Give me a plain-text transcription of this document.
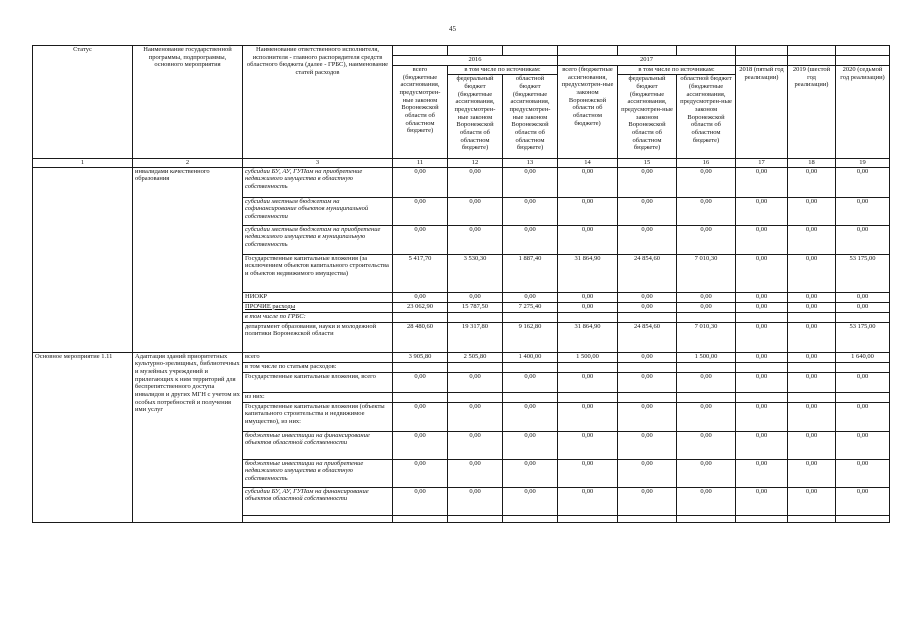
45
Статус	Наименование государственной программы, подпрограммы, основного мероприятия	Наименование ответственного исполнителя, исполнителя - главного распорядителя средств областного бюджета (далее - ГРБС), наименование статей расходов									
			2016			2017					
			всего (бюджетные ассигнования, предусмотрен-ные законом Воронежской области об областном бюджете)	в том числе по источникам:		всего (бюджетные ассигнования, предусмотрен-ные законом Воронежской области об областном бюджете)	в том числе по источникам:		2018 (пятый год реализации)	2019 (шестой год реализации)	2020 (седьмой год реализации)
				федеральный бюджет (бюджетные ассигнования, предусмотрен-ные законом Воронежской области об областном бюджете)	областной бюджет (бюджетные ассигнования, предусмотрен-ные законом Воронежской области об областном бюджете)		федеральный бюджет (бюджетные ассигнования, предусмотрен-ные законом Воронежской области об областном бюджете)	областной бюджет (бюджетные ассигнования, предусмотрен-ные законом Воронежской области об областном бюджете)			
1	2	3	11	12	13	14	15	16	17	18	19
	инвалидами качественного образования	субсидии БУ, АУ, ГУПам на приобретение недвижимого имущества в областную собственность	0,00	0,00	0,00	0,00	0,00	0,00	0,00	0,00	0,00
		субсидии местным бюджетам на софинансирование объектов муниципальной собственности	0,00	0,00	0,00	0,00	0,00	0,00	0,00	0,00	0,00
		субсидии местным бюджетам на приобретение недвижимого имущества в муниципальную собственность	0,00	0,00	0,00	0,00	0,00	0,00	0,00	0,00	0,00
		Государственные капитальные вложения (за исключением объектов капитального строительства и объектов недвижимого имущества)	5 417,70	3 530,30	1 887,40	31 864,90	24 854,60	7 010,30	0,00	0,00	53 175,00
		НИОКР	0,00	0,00	0,00	0,00	0,00	0,00	0,00	0,00	0,00
		ПРОЧИЕ расходы	23 062,90	15 787,50	7 275,40	0,00	0,00	0,00	0,00	0,00	0,00
		в том числе по ГРБС:									
		департамент образования, науки и молодежной политики Воронежской области	28 480,60	19 317,80	9 162,80	31 864,90	24 854,60	7 010,30	0,00	0,00	53 175,00
Основное мероприятие 1.11	Адаптация зданий приоритетных культурно-зрелищных, библиотечных и музейных учреждений и прилегающих к ним территорий для беспрепятственного доступа инвалидов и других МГН с учетом их особых потребностей и получения ими услуг	всего	3 905,80	2 505,80	1 400,00	1 500,00	0,00	1 500,00	0,00	0,00	1 640,00
		в том числе по статьям расходов:									
		Государственные капитальные вложения, всего	0,00	0,00	0,00	0,00	0,00	0,00	0,00	0,00	0,00
		из них:									
		Государственные капитальные вложения (объекты капитального строительства и недвижимое имущество), из них:	0,00	0,00	0,00	0,00	0,00	0,00	0,00	0,00	0,00
		бюджетные инвестиции на финансирование объектов областной собственности	0,00	0,00	0,00	0,00	0,00	0,00	0,00	0,00	0,00
		бюджетные инвестиции на приобретение недвижимого имущества в областную собственность	0,00	0,00	0,00	0,00	0,00	0,00	0,00	0,00	0,00
		субсидии БУ, АУ, ГУПам на финансирование объектов областной собственности	0,00	0,00	0,00	0,00	0,00	0,00	0,00	0,00	0,00
